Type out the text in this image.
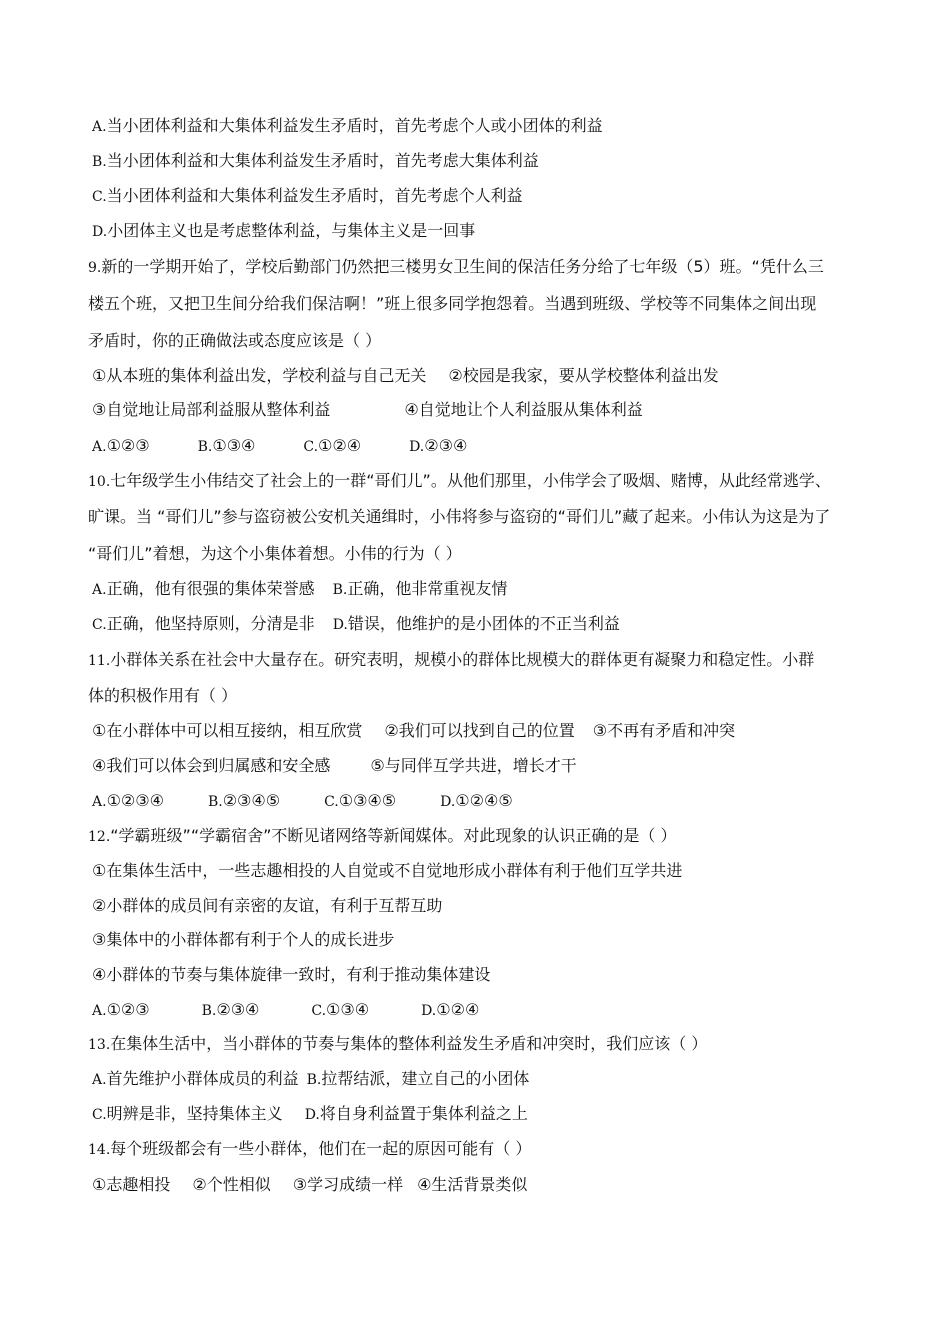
A.当小团体利益和大集体利益发生矛盾时，首先考虑个人或小团体的利益
B.当小团体利益和大集体利益发生矛盾时，首先考虑大集体利益
C.当小团体利益和大集体利益发生矛盾时，首先考虑个人利益
D.小团体主义也是考虑整体利益，与集体主义是一回事
9.新的一学期开始了，学校后勤部门仍然把三楼男女卫生间的保洁任务分给了七年级（5）班。“凭什么三
楼五个班，又把卫生间分给我们保洁啊！”班上很多同学抱怨着。当遇到班级、学校等不同集体之间出现
矛盾时，你的正确做法或态度应该是（ ）
①从本班的集体利益出发，学校利益与自己无关 ②校园是我家，要从学校整体利益出发
③自觉地让局部利益服从整体利益	④自觉地让个人利益服从集体利益
A.①②③	B.①③④	C.①②④	D.②③④
10.七年级学生小伟结交了社会上的一群“哥们儿”。从他们那里，小伟学会了吸烟、赌博，从此经常逃学、
旷课。当 “哥们儿”参与盗窃被公安机关通缉时，小伟将参与盗窃的“哥们儿”藏了起来。小伟认为这是为了
“哥们儿”着想，为这个小集体着想。小伟的行为（ ）
A.正确，他有很强的集体荣誉感 B.正确，他非常重视友情
C.正确，他坚持原则，分清是非 D.错误，他维护的是小团体的不正当利益
11.小群体关系在社会中大量存在。研究表明，规模小的群体比规模大的群体更有凝聚力和稳定性。小群
体的积极作用有（ ）
①在小群体中可以相互接纳，相互欣赏 ②我们可以找到自己的位置 ③不再有矛盾和冲突
④我们可以体会到归属感和安全感	⑤与同伴互学共进，增长才干
A.①②③④	B.②③④⑤	C.①③④⑤	D.①②④⑤
12.“学霸班级”“学霸宿舍”不断见诸网络等新闻媒体。对此现象的认识正确的是（ ）
①在集体生活中，一些志趣相投的人自觉或不自觉地形成小群体有利于他们互学共进
②小群体的成员间有亲密的友谊，有利于互帮互助
③集体中的小群体都有利于个人的成长进步
④小群体的节奏与集体旋律一致时，有利于推动集体建设
A.①②③	B.②③④	C.①③④	D.①②④
13.在集体生活中，当小群体的节奏与集体的整体利益发生矛盾和冲突时，我们应该（ ）
A.首先维护小群体成员的利益 B.拉帮结派，建立自己的小团体
C.明辨是非，坚持集体主义 D.将自身利益置于集体利益之上
14.每个班级都会有一些小群体，他们在一起的原因可能有（ ）
①志趣相投 ②个性相似 ③学习成绩一样 ④生活背景类似
